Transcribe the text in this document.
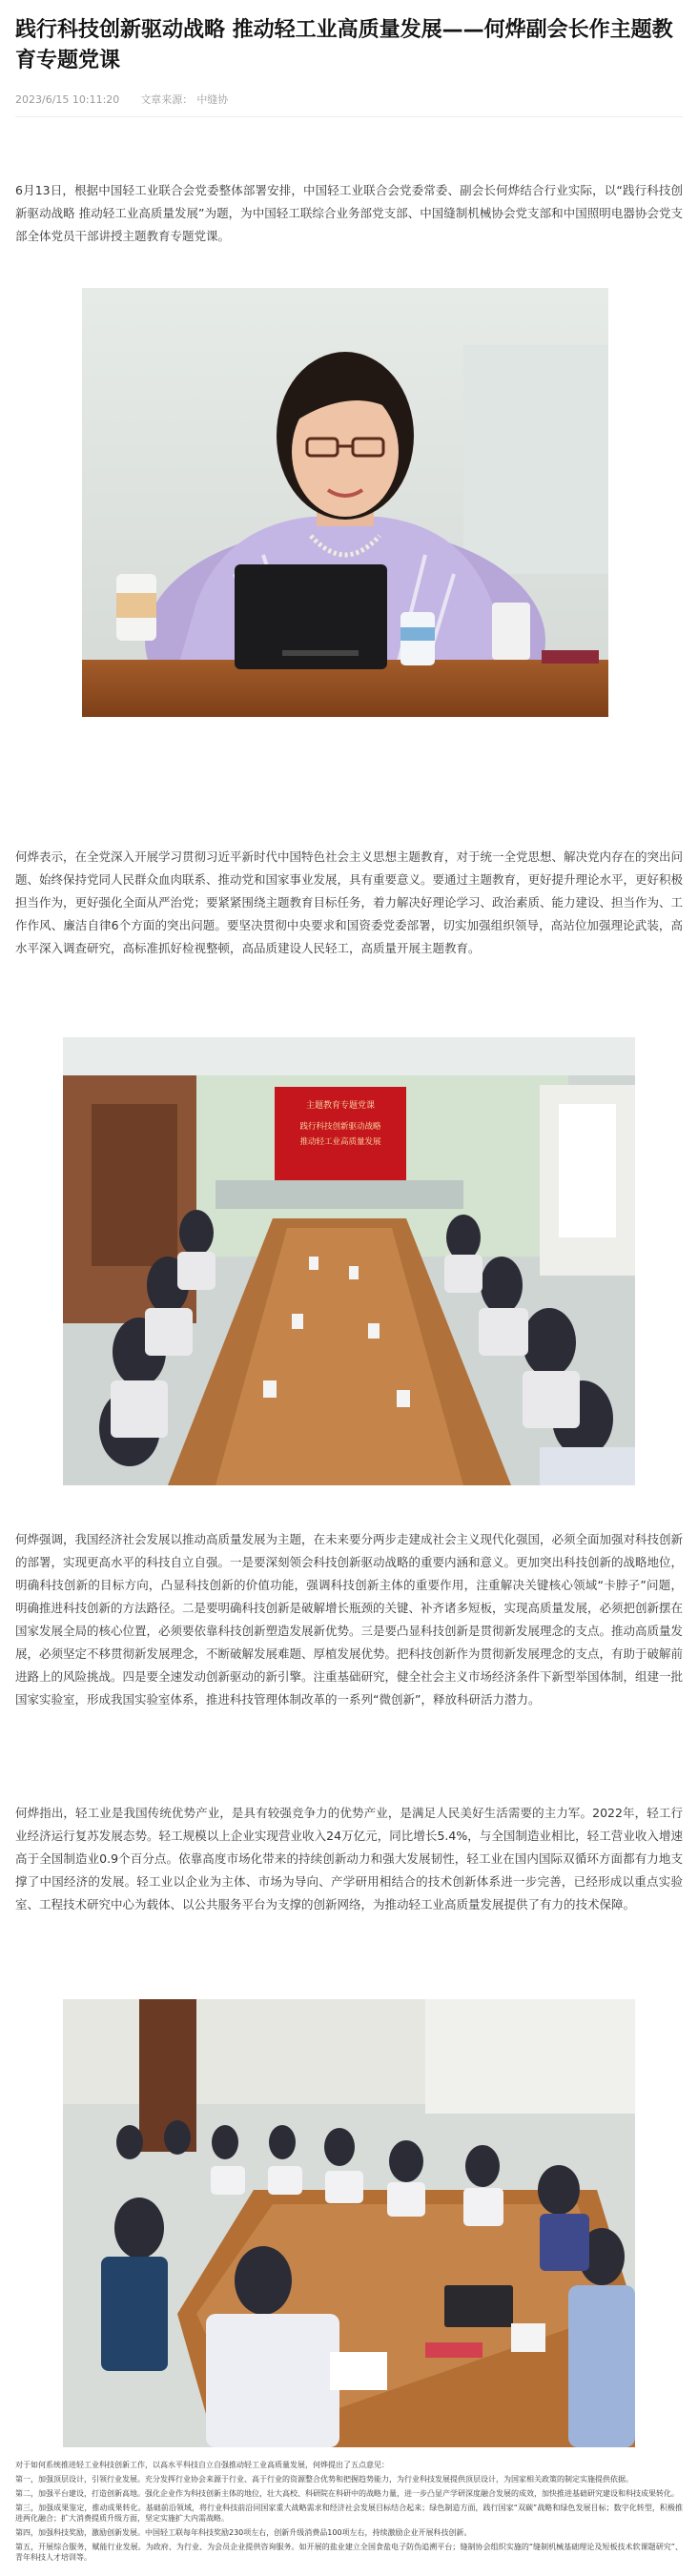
践行科技创新驱动战略 推动轻工业高质量发展——何烨副会长作主题教育专题党课
2023/6/15 10:11:20 文章来源： 中缝协

6月13日，根据中国轻工业联合会党委整体部署安排，中国轻工业联合会党委常委、副会长何烨结合行业实际，以“践行科技创新驱动战略 推动轻工业高质量发展”为题，为中国轻工联综合业务部党支部、中国缝制机械协会党支部和中国照明电器协会党支部全体党员干部讲授主题教育专题党课。

何烨表示，在全党深入开展学习贯彻习近平新时代中国特色社会主义思想主题教育，对于统一全党思想、解决党内存在的突出问题、始终保持党同人民群众血肉联系、推动党和国家事业发展，具有重要意义。要通过主题教育，更好提升理论水平，更好积极担当作为，更好强化全面从严治党；要紧紧围绕主题教育目标任务，着力解决好理论学习、政治素质、能力建设、担当作为、工作作风、廉洁自律6个方面的突出问题。要坚决贯彻中央要求和国资委党委部署，切实加强组织领导，高站位加强理论武装，高水平深入调查研究，高标准抓好检视整顿，高品质建设人民轻工，高质量开展主题教育。

主题教育专题党课
践行科技创新驱动战略
推动轻工业高质量发展

何烨强调，我国经济社会发展以推动高质量发展为主题，在未来要分两步走建成社会主义现代化强国，必须全面加强对科技创新的部署，实现更高水平的科技自立自强。一是要深刻领会科技创新驱动战略的重要内涵和意义。更加突出科技创新的战略地位，明确科技创新的目标方向，凸显科技创新的价值功能，强调科技创新主体的重要作用，注重解决关键核心领域“卡脖子”问题，明确推进科技创新的方法路径。二是要明确科技创新是破解增长瓶颈的关键、补齐诸多短板，实现高质量发展，必须把创新摆在国家发展全局的核心位置，必须要依靠科技创新塑造发展新优势。三是要凸显科技创新是贯彻新发展理念的支点。推动高质量发展，必须坚定不移贯彻新发展理念，不断破解发展难题、厚植发展优势。把科技创新作为贯彻新发展理念的支点，有助于破解前进路上的风险挑战。四是要全速发动创新驱动的新引擎。注重基础研究，健全社会主义市场经济条件下新型举国体制，组建一批国家实验室，形成我国实验室体系，推进科技管理体制改革的一系列“微创新”，释放科研活力潜力。

何烨指出，轻工业是我国传统优势产业，是具有较强竞争力的优势产业，是满足人民美好生活需要的主力军。2022年，轻工行业经济运行复苏发展态势。轻工规模以上企业实现营业收入24万亿元，同比增长5.4%，与全国制造业相比，轻工营业收入增速高于全国制造业0.9个百分点。依靠高度市场化带来的持续创新动力和强大发展韧性，轻工业在国内国际双循环方面都有力地支撑了中国经济的发展。轻工业以企业为主体、市场为导向、产学研用相结合的技术创新体系进一步完善，已经形成以重点实验室、工程技术研究中心为载体、以公共服务平台为支撑的创新网络，为推动轻工业高质量发展提供了有力的技术保障。

对于如何系统推进轻工业科技创新工作，以高水平科技自立自强推动轻工业高质量发展，何烨提出了五点意见：

第一，加强顶层设计，引领行业发展。充分发挥行业协会来源于行业、高于行业的资源整合优势和把握趋势能力，为行业科技发展提供顶层设计，为国家相关政策的制定实施提供依据。

第二，加强平台建设，打造创新高地。强化企业作为科技创新主体的地位，壮大高校、科研院在科研中的战略力量，进一步凸显产学研深度融合发展的成效，加快推进基础研究建设和科技成果转化。

第三，加强成果鉴定，推动成果转化。基础前沿领域，将行业科技前沿同国家重大战略需求和经济社会发展目标结合起来；绿色制造方面，践行国家“双碳”战略和绿色发展目标；数字化转型，积极推进两化融合；扩大消费提质升级方面，坚定实施扩大内需战略。

第四，加强科技奖励，激励创新发展。中国轻工联每年科技奖励230项左右，创新升级消费品100项左右，持续激励企业开展科技创新。

第五，开展综合服务，赋能行业发展。为政府、为行业、为会员企业提供咨询服务。如开展的盐业建立全国食盐电子防伪追溯平台；缝制协会组织实施的“缝制机械基础理论及短板技术软课题研究”、青年科技人才培训等。
